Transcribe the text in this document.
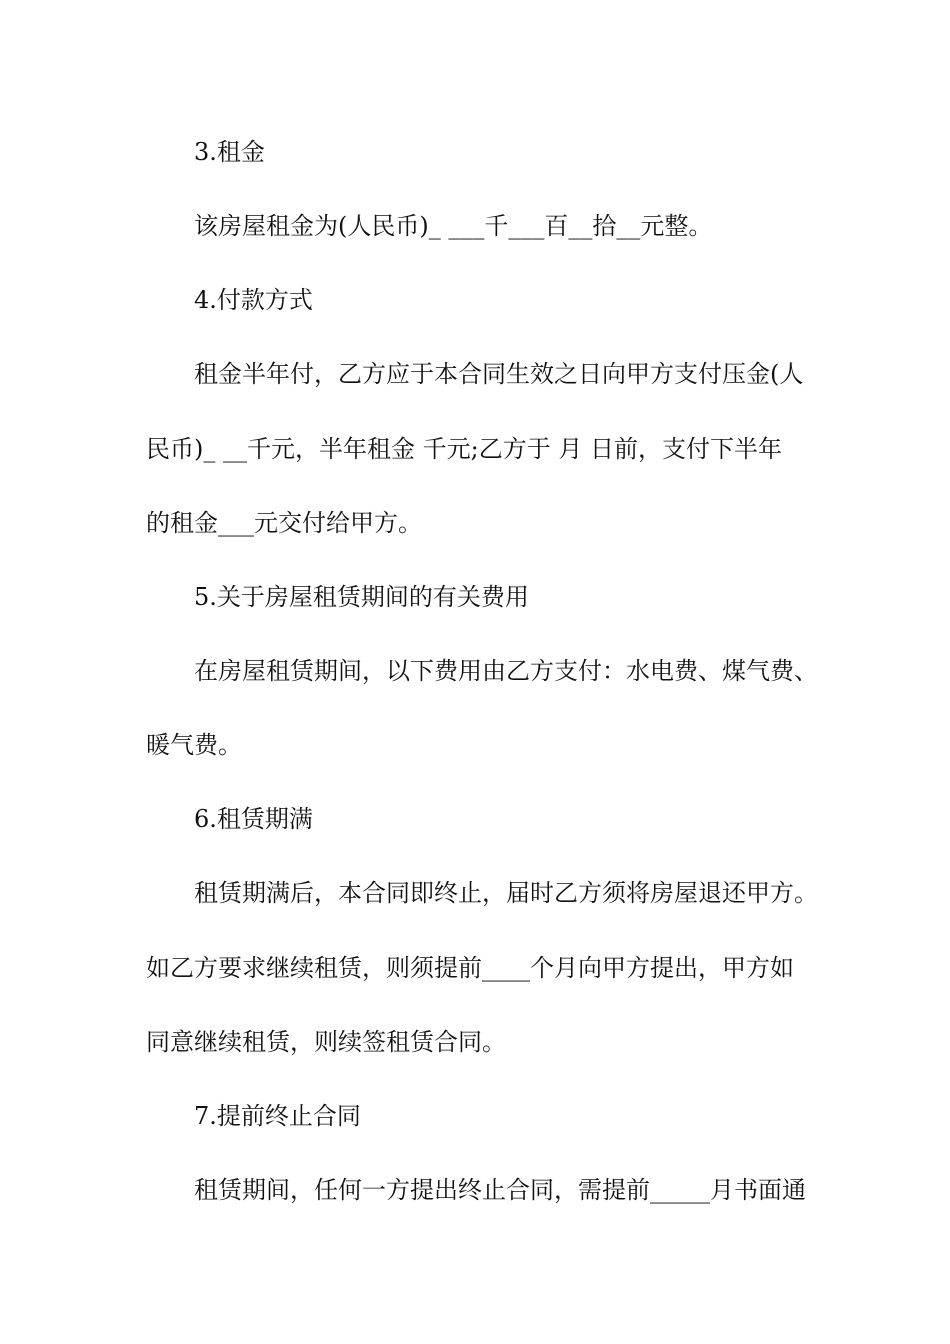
3.租金

该房屋租金为(人民币)_ ___千___百__拾__元整。

4.付款方式

租金半年付，乙方应于本合同生效之日向甲方支付压金(人

民币)_ __千元，半年租金 千元;乙方于 月 日前，支付下半年

的租金___元交付给甲方。

5.关于房屋租赁期间的有关费用

在房屋租赁期间，以下费用由乙方支付：水电费、煤气费、

暖气费。

6.租赁期满

租赁期满后，本合同即终止，届时乙方须将房屋退还甲方。

如乙方要求继续租赁，则须提前____个月向甲方提出，甲方如

同意继续租赁，则续签租赁合同。

7.提前终止合同

租赁期间，任何一方提出终止合同，需提前_____月书面通
